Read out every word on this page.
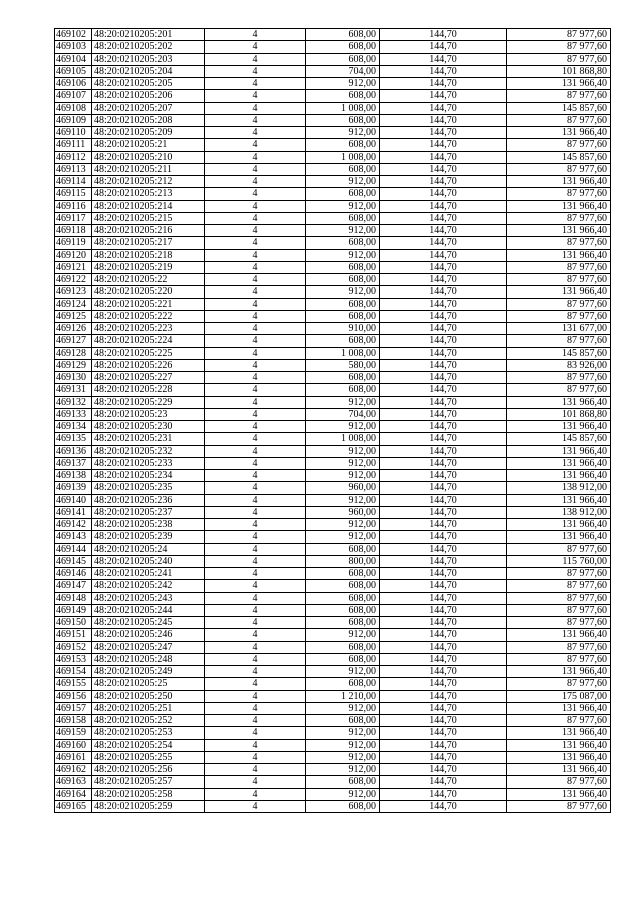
469102	48:20:0210205:201	4	608,00	144,70	87 977,60
469103	48:20:0210205:202	4	608,00	144,70	87 977,60
469104	48:20:0210205:203	4	608,00	144,70	87 977,60
469105	48:20:0210205:204	4	704,00	144,70	101 868,80
469106	48:20:0210205:205	4	912,00	144,70	131 966,40
469107	48:20:0210205:206	4	608,00	144,70	87 977,60
469108	48:20:0210205:207	4	1 008,00	144,70	145 857,60
469109	48:20:0210205:208	4	608,00	144,70	87 977,60
469110	48:20:0210205:209	4	912,00	144,70	131 966,40
469111	48:20:0210205:21	4	608,00	144,70	87 977,60
469112	48:20:0210205:210	4	1 008,00	144,70	145 857,60
469113	48:20:0210205:211	4	608,00	144,70	87 977,60
469114	48:20:0210205:212	4	912,00	144,70	131 966,40
469115	48:20:0210205:213	4	608,00	144,70	87 977,60
469116	48:20:0210205:214	4	912,00	144,70	131 966,40
469117	48:20:0210205:215	4	608,00	144,70	87 977,60
469118	48:20:0210205:216	4	912,00	144,70	131 966,40
469119	48:20:0210205:217	4	608,00	144,70	87 977,60
469120	48:20:0210205:218	4	912,00	144,70	131 966,40
469121	48:20:0210205:219	4	608,00	144,70	87 977,60
469122	48:20:0210205:22	4	608,00	144,70	87 977,60
469123	48:20:0210205:220	4	912,00	144,70	131 966,40
469124	48:20:0210205:221	4	608,00	144,70	87 977,60
469125	48:20:0210205:222	4	608,00	144,70	87 977,60
469126	48:20:0210205:223	4	910,00	144,70	131 677,00
469127	48:20:0210205:224	4	608,00	144,70	87 977,60
469128	48:20:0210205:225	4	1 008,00	144,70	145 857,60
469129	48:20:0210205:226	4	580,00	144,70	83 926,00
469130	48:20:0210205:227	4	608,00	144,70	87 977,60
469131	48:20:0210205:228	4	608,00	144,70	87 977,60
469132	48:20:0210205:229	4	912,00	144,70	131 966,40
469133	48:20:0210205:23	4	704,00	144,70	101 868,80
469134	48:20:0210205:230	4	912,00	144,70	131 966,40
469135	48:20:0210205:231	4	1 008,00	144,70	145 857,60
469136	48:20:0210205:232	4	912,00	144,70	131 966,40
469137	48:20:0210205:233	4	912,00	144,70	131 966,40
469138	48:20:0210205:234	4	912,00	144,70	131 966,40
469139	48:20:0210205:235	4	960,00	144,70	138 912,00
469140	48:20:0210205:236	4	912,00	144,70	131 966,40
469141	48:20:0210205:237	4	960,00	144,70	138 912,00
469142	48:20:0210205:238	4	912,00	144,70	131 966,40
469143	48:20:0210205:239	4	912,00	144,70	131 966,40
469144	48:20:0210205:24	4	608,00	144,70	87 977,60
469145	48:20:0210205:240	4	800,00	144,70	115 760,00
469146	48:20:0210205:241	4	608,00	144,70	87 977,60
469147	48:20:0210205:242	4	608,00	144,70	87 977,60
469148	48:20:0210205:243	4	608,00	144,70	87 977,60
469149	48:20:0210205:244	4	608,00	144,70	87 977,60
469150	48:20:0210205:245	4	608,00	144,70	87 977,60
469151	48:20:0210205:246	4	912,00	144,70	131 966,40
469152	48:20:0210205:247	4	608,00	144,70	87 977,60
469153	48:20:0210205:248	4	608,00	144,70	87 977,60
469154	48:20:0210205:249	4	912,00	144,70	131 966,40
469155	48:20:0210205:25	4	608,00	144,70	87 977,60
469156	48:20:0210205:250	4	1 210,00	144,70	175 087,00
469157	48:20:0210205:251	4	912,00	144,70	131 966,40
469158	48:20:0210205:252	4	608,00	144,70	87 977,60
469159	48:20:0210205:253	4	912,00	144,70	131 966,40
469160	48:20:0210205:254	4	912,00	144,70	131 966,40
469161	48:20:0210205:255	4	912,00	144,70	131 966,40
469162	48:20:0210205:256	4	912,00	144,70	131 966,40
469163	48:20:0210205:257	4	608,00	144,70	87 977,60
469164	48:20:0210205:258	4	912,00	144,70	131 966,40
469165	48:20:0210205:259	4	608,00	144,70	87 977,60
